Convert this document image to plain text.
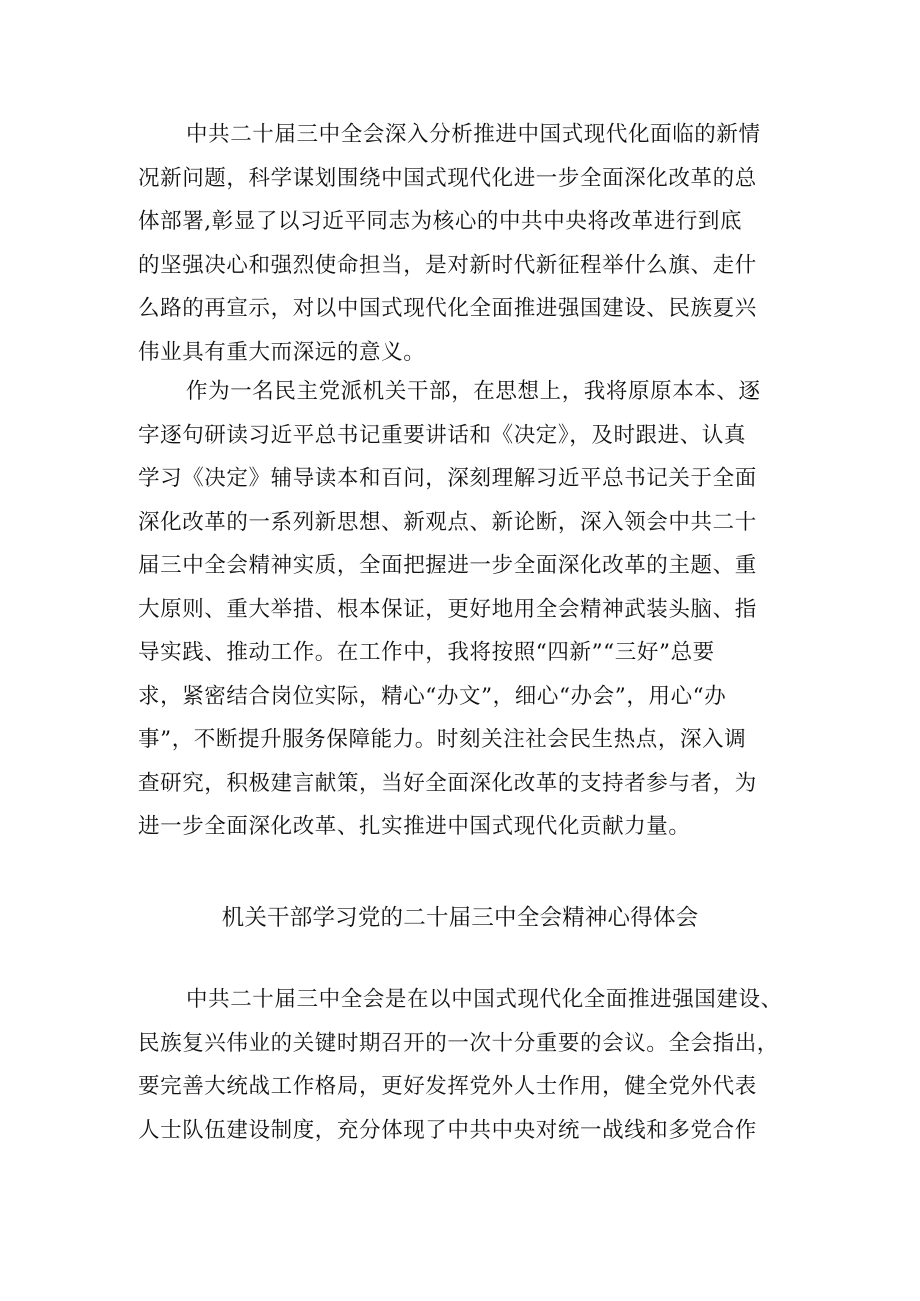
中共二十届三中全会深入分析推进中国式现代化面临的新情
况新问题，科学谋划围绕中国式现代化进一步全面深化改革的总
体部署,彰显了以习近平同志为核心的中共中央将改革进行到底
的坚强决心和强烈使命担当，是对新时代新征程举什么旗、走什
么路的再宣示，对以中国式现代化全面推进强国建设、民族夏兴
伟业具有重大而深远的意义。
作为一名民主党派机关干部，在思想上，我将原原本本、逐
字逐句研读习近平总书记重要讲话和《决定》，及时跟进、认真
学习《决定》辅导读本和百问，深刻理解习近平总书记关于全面
深化改革的一系列新思想、新观点、新论断，深入领会中共二十
届三中全会精神实质，全面把握进一步全面深化改革的主题、重
大原则、重大举措、根本保证，更好地用全会精神武装头脑、指
导实践、推动工作。在工作中，我将按照“四新”“三好”总要
求，紧密结合岗位实际，精心“办文”，细心“办会”，用心“办
事”，不断提升服务保障能力。时刻关注社会民生热点，深入调
查研究，积极建言献策，当好全面深化改革的支持者参与者，为
进一步全面深化改革、扎实推进中国式现代化贡献力量。
机关干部学习党的二十届三中全会精神心得体会
中共二十届三中全会是在以中国式现代化全面推进强国建设、
民族复兴伟业的关键时期召开的一次十分重要的会议。全会指出，
要完善大统战工作格局，更好发挥党外人士作用，健全党外代表
人士队伍建设制度，充分体现了中共中央对统一战线和多党合作
